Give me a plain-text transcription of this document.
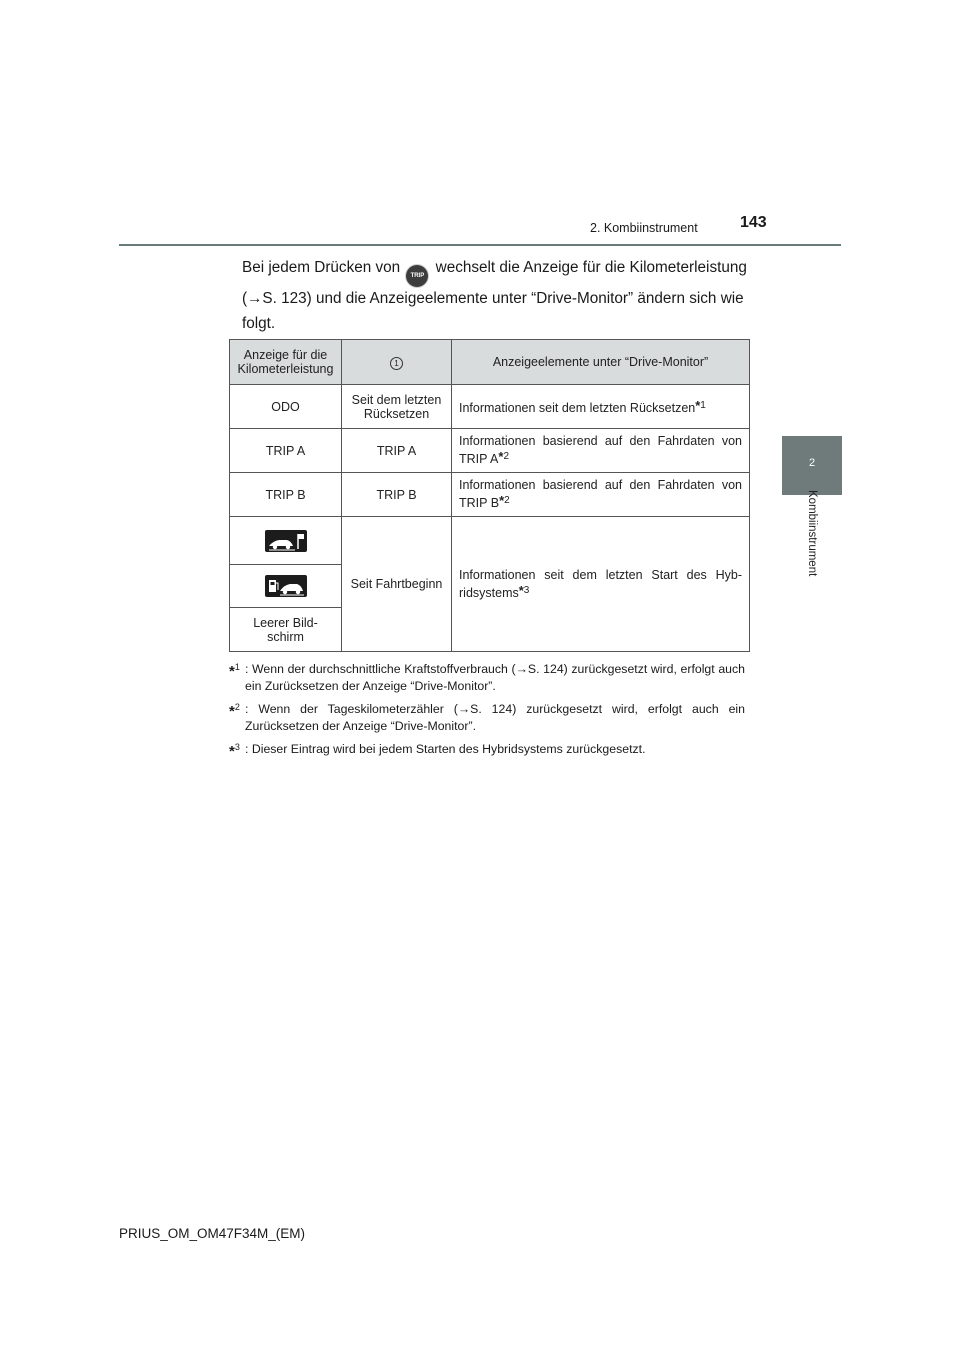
143
2. Kombiinstrument
2
Kombiinstrument

Bei jedem Drücken von TRIP wechselt die Anzeige für die Kilometerleistung (→S. 123) und die Anzeigeelemente unter “Drive-Monitor” ändern sich wie folgt.

Anzeige für die Kilometerleistung	1	Anzeigeelemente unter “Drive-Monitor”
ODO	Seit dem letzten Rücksetzen	Informationen seit dem letzten Rücksetzen*$^1$
TRIP A	TRIP A	Informationen basierend auf den Fahrdaten von TRIP A*$^2$
TRIP B	TRIP B	Informationen basierend auf den Fahrdaten von TRIP B*$^2$

	Seit Fahrtbeginn	Informationen seit dem letzten Start des Hyb-ridsystems*$^3$

Leerer Bild-schirm		
*$^1$ : Wenn der durchschnittliche Kraftstoffverbrauch (→S. 124) zurückgesetzt wird, erfolgt auch ein Zurücksetzen der Anzeige “Drive-Monitor”.
*$^2$ : Wenn der Tageskilometerzähler (→S. 124) zurückgesetzt wird, erfolgt auch ein Zurücksetzen der Anzeige “Drive-Monitor”.
*$^3$ : Dieser Eintrag wird bei jedem Starten des Hybridsystems zurückgesetzt.
PRIUS_OM_OM47F34M_(EM)
